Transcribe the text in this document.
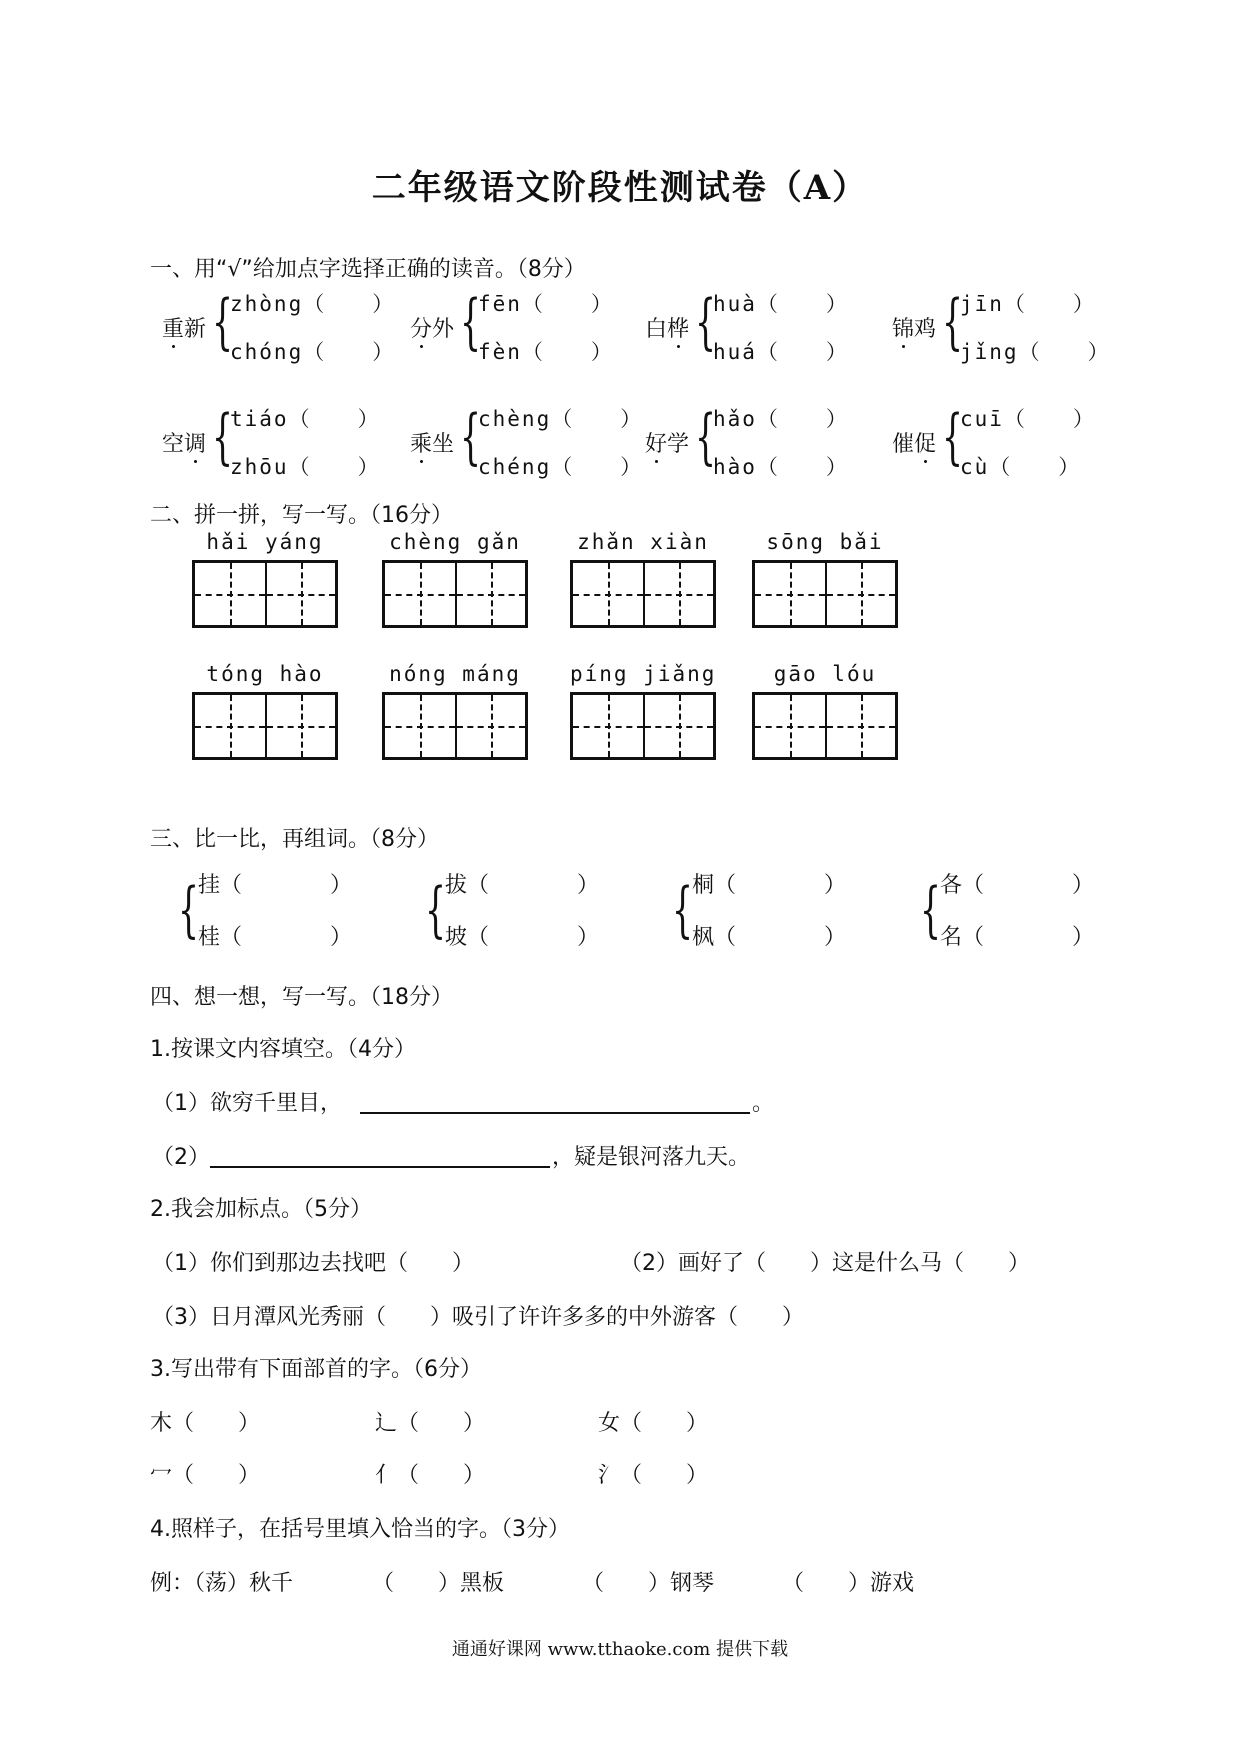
二年级语文阶段性测试卷（A）
一、用“√”给加点字选择正确的读音。（8分）
重新 {
zhòng（　　）
chóng（　　）
分外 {
fēn（　　）
fèn（　　）
白桦 {
huà（　　）
huá（　　）
锦鸡 {
jīn（　　）
jǐng（　　）
空调 {
tiáo（　　）
zhōu（　　）
乘坐 {
chèng（　　）
chéng（　　）
好学 {
hǎo（　　）
hào（　　）
催促 {
cuī（　　）
cù（　　）
二、拼一拼，写一写。（16分）
hǎi yáng	chèng gǎn	zhǎn xiàn	sōng bǎi
tóng hào	nóng máng	píng jiǎng	gāo lóu
三、比一比，再组词。（8分）
{
挂（　　　　）
桂（　　　　） {
拔（　　　　）
坡（　　　　） {
桐（　　　　）
枫（　　　　） {
各（　　　　）
名（　　　　）
四、想一想，写一写。（18分）
1.按课文内容填空。（4分）
（1）欲穷千里目，	。
（2）	，疑是银河落九天。
2.我会加标点。（5分）
（1）你们到那边去找吧（　　）	（2）画好了（　　）这是什么马（　　）
（3）日月潭风光秀丽（　　）吸引了许许多多的中外游客（　　）
3.写出带有下面部首的字。（6分）
木（　　）	辶（　　）	女（　　）
冖（　　）	亻（　　）	氵（　　）
4.照样子，在括号里填入恰当的字。（3分）
例：（荡）秋千	（　　）黑板	（　　）钢琴	（　　）游戏
通通好课网 www.tthaoke.com 提供下载
